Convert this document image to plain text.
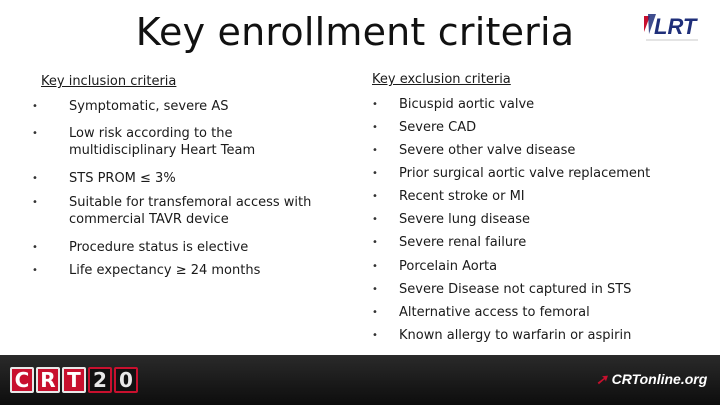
Key enrollment criteria	LRT
Key inclusion criteria	Key exclusion criteria
• Symptomatic, severe AS
• Low risk according to the multidisciplinary Heart Team
• STS PROM ≤ 3%
• Suitable for transfemoral access with commercial TAVR device
• Procedure status is elective
• Life expectancy ≥ 24 months
• Bicuspid aortic valve
• Severe CAD
• Severe other valve disease
• Prior surgical aortic valve replacement
• Recent stroke or MI
• Severe lung disease
• Severe renal failure
• Porcelain Aorta
• Severe Disease not captured in STS
• Alternative access to femoral
• Known allergy to warfarin or aspirin
C R T 2 0	➚ CRTonline.org
